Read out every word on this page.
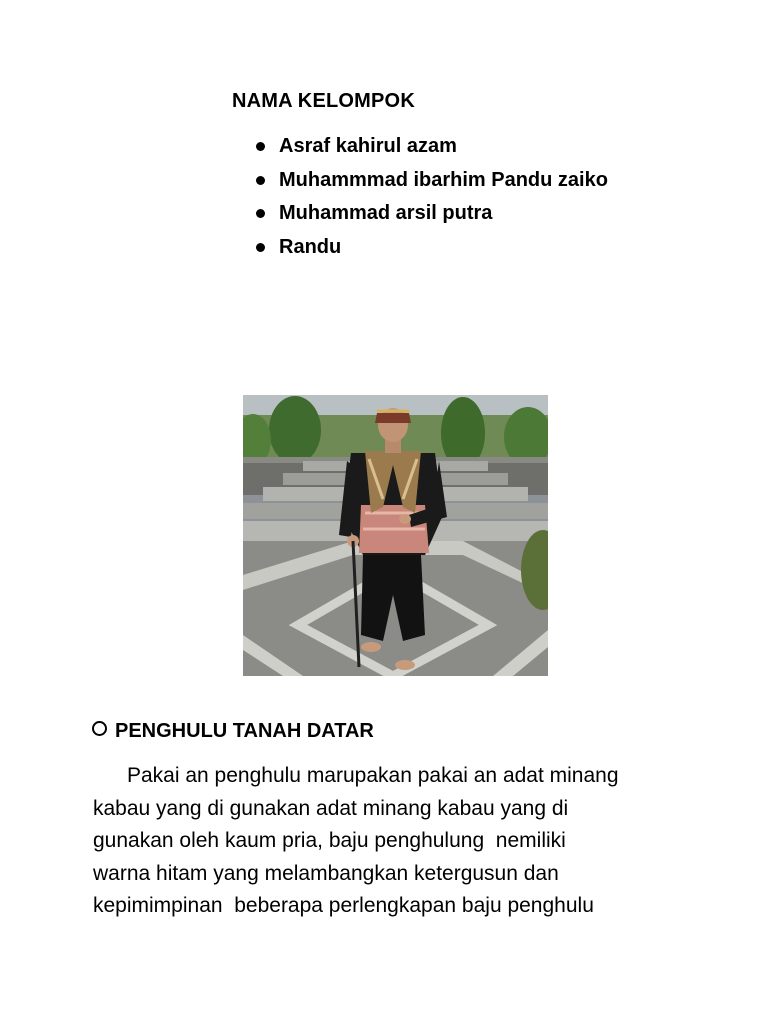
NAMA KELOMPOK
Asraf kahirul azam
Muhammmad ibarhim Pandu zaiko
Muhammad arsil putra
Randu
PENGHULU TANAH DATAR

Pakai an penghulu marupakan pakai an adat minang
kabau yang di gunakan adat minang kabau yang di
gunakan oleh kaum pria, baju penghulung  nemiliki
warna hitam yang melambangkan ketergusun dan
kepimimpinan  beberapa perlengkapan baju penghulu
